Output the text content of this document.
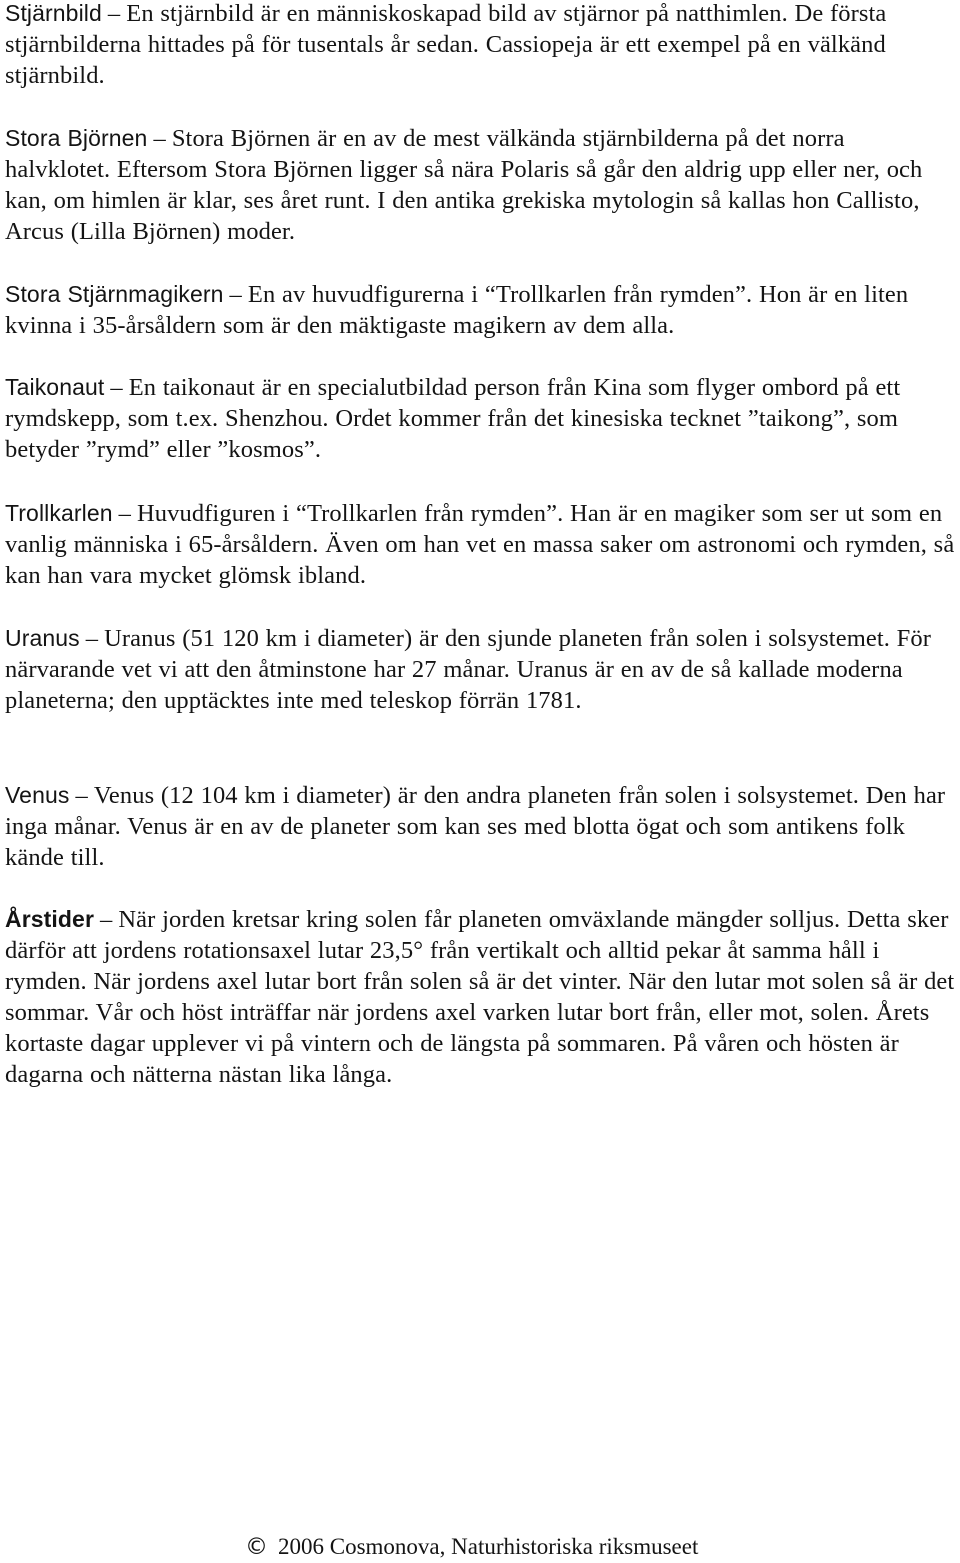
Stjärnbild – En stjärnbild är en människoskapad bild av stjärnor på natthimlen. De första stjärnbilderna hittades på för tusentals år sedan. Cassiopeja är ett exempel på en välkänd stjärnbild.

Stora Björnen – Stora Björnen är en av de mest välkända stjärnbilderna på det norra halvklotet. Eftersom Stora Björnen ligger så nära Polaris så går den aldrig upp eller ner, och kan, om himlen är klar, ses året runt. I den antika grekiska mytologin så kallas hon Callisto, Arcus (Lilla Björnen) moder.

Stora Stjärnmagikern – En av huvudfigurerna i “Trollkarlen från rymden”. Hon är en liten kvinna i 35-årsåldern som är den mäktigaste magikern av dem alla.

Taikonaut – En taikonaut är en specialutbildad person från Kina som flyger ombord på ett rymdskepp, som t.ex. Shenzhou. Ordet kommer från det kinesiska tecknet ”taikong”, som betyder ”rymd” eller ”kosmos”.

Trollkarlen – Huvudfiguren i “Trollkarlen från rymden”. Han är en magiker som ser ut som en vanlig människa i 65-årsåldern. Även om han vet en massa saker om astronomi och rymden, så kan han vara mycket glömsk ibland.

Uranus – Uranus (51 120 km i diameter) är den sjunde planeten från solen i solsystemet. För närvarande vet vi att den åtminstone har 27 månar. Uranus är en av de så kallade moderna planeterna; den upptäcktes inte med teleskop förrän 1781.

Venus – Venus (12 104 km i diameter) är den andra planeten från solen i solsystemet. Den har inga månar. Venus är en av de planeter som kan ses med blotta ögat och som antikens folk kände till.

Årstider – När jorden kretsar kring solen får planeten omväxlande mängder solljus. Detta sker därför att jordens rotationsaxel lutar 23,5° från vertikalt och alltid pekar åt samma håll i rymden. När jordens axel lutar bort från solen så är det vinter. När den lutar mot solen så är det sommar. Vår och höst inträffar när jordens axel varken lutar bort från, eller mot, solen. Årets kortaste dagar upplever vi på vintern och de längsta på sommaren. På våren och hösten är dagarna och nätterna nästan lika långa.

© 2006 Cosmonova, Naturhistoriska riksmuseet
